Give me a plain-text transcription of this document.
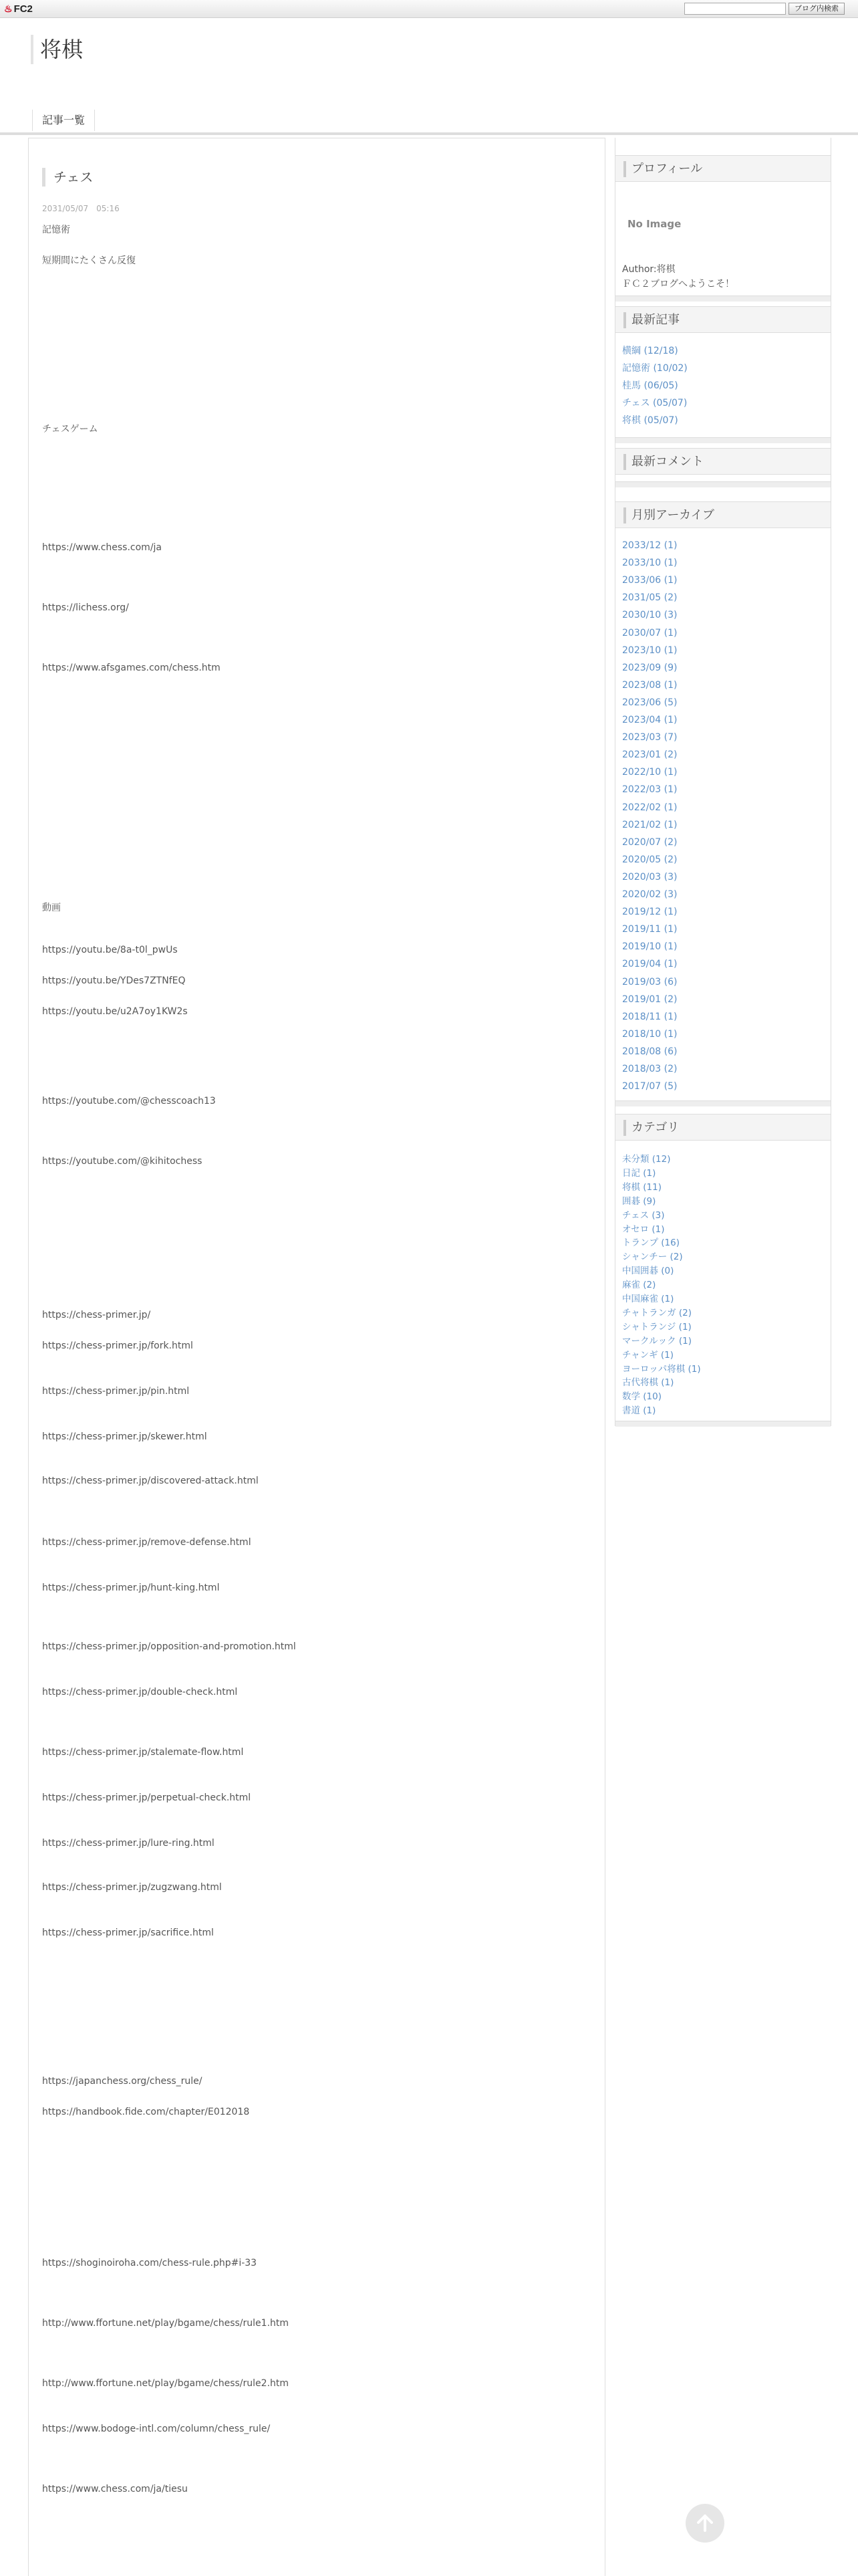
♨ FC2	ブログ内検索
将棋
記事一覧
チェス
2031/05/07　05:16
記憶術
短期間にたくさん反復
チェスゲーム
https://www.chess.com/ja
https://lichess.org/
https://www.afsgames.com/chess.htm
動画
https://youtu.be/8a-t0l_pwUs
https://youtu.be/YDes7ZTNfEQ
https://youtu.be/u2A7oy1KW2s
https://youtube.com/@chesscoach13
https://youtube.com/@kihitochess
https://chess-primer.jp/
https://chess-primer.jp/fork.html
https://chess-primer.jp/pin.html
https://chess-primer.jp/skewer.html
https://chess-primer.jp/discovered-attack.html
https://chess-primer.jp/remove-defense.html
https://chess-primer.jp/hunt-king.html
https://chess-primer.jp/opposition-and-promotion.html
https://chess-primer.jp/double-check.html
https://chess-primer.jp/stalemate-flow.html
https://chess-primer.jp/perpetual-check.html
https://chess-primer.jp/lure-ring.html
https://chess-primer.jp/zugzwang.html
https://chess-primer.jp/sacrifice.html
https://japanchess.org/chess_rule/
https://handbook.fide.com/chapter/E012018
https://shoginoiroha.com/chess-rule.php#i-33
http://www.ffortune.net/play/bgame/chess/rule1.htm
http://www.ffortune.net/play/bgame/chess/rule2.htm
https://www.bodoge-intl.com/column/chess_rule/
https://www.chess.com/ja/tiesu
プロフィール
No Image
Author:将棋
ＦＣ２ブログへようこそ！
最新記事
横綱 (12/18)
記憶術 (10/02)
桂馬 (06/05)
チェス (05/07)
将棋 (05/07)
最新コメント
月別アーカイブ
2033/12 (1)
2033/10 (1)
2033/06 (1)
2031/05 (2)
2030/10 (3)
2030/07 (1)
2023/10 (1)
2023/09 (9)
2023/08 (1)
2023/06 (5)
2023/04 (1)
2023/03 (7)
2023/01 (2)
2022/10 (1)
2022/03 (1)
2022/02 (1)
2021/02 (1)
2020/07 (2)
2020/05 (2)
2020/03 (3)
2020/02 (3)
2019/12 (1)
2019/11 (1)
2019/10 (1)
2019/04 (1)
2019/03 (6)
2019/01 (2)
2018/11 (1)
2018/10 (1)
2018/08 (6)
2018/03 (2)
2017/07 (5)
カテゴリ
未分類 (12)
日記 (1)
将棋 (11)
囲碁 (9)
チェス (3)
オセロ (1)
トランプ (16)
シャンチー (2)
中国囲碁 (0)
麻雀 (2)
中国麻雀 (1)
チャトランガ (2)
シャトランジ (1)
マークルック (1)
チャンギ (1)
ヨーロッパ将棋 (1)
古代将棋 (1)
数学 (10)
書道 (1)
